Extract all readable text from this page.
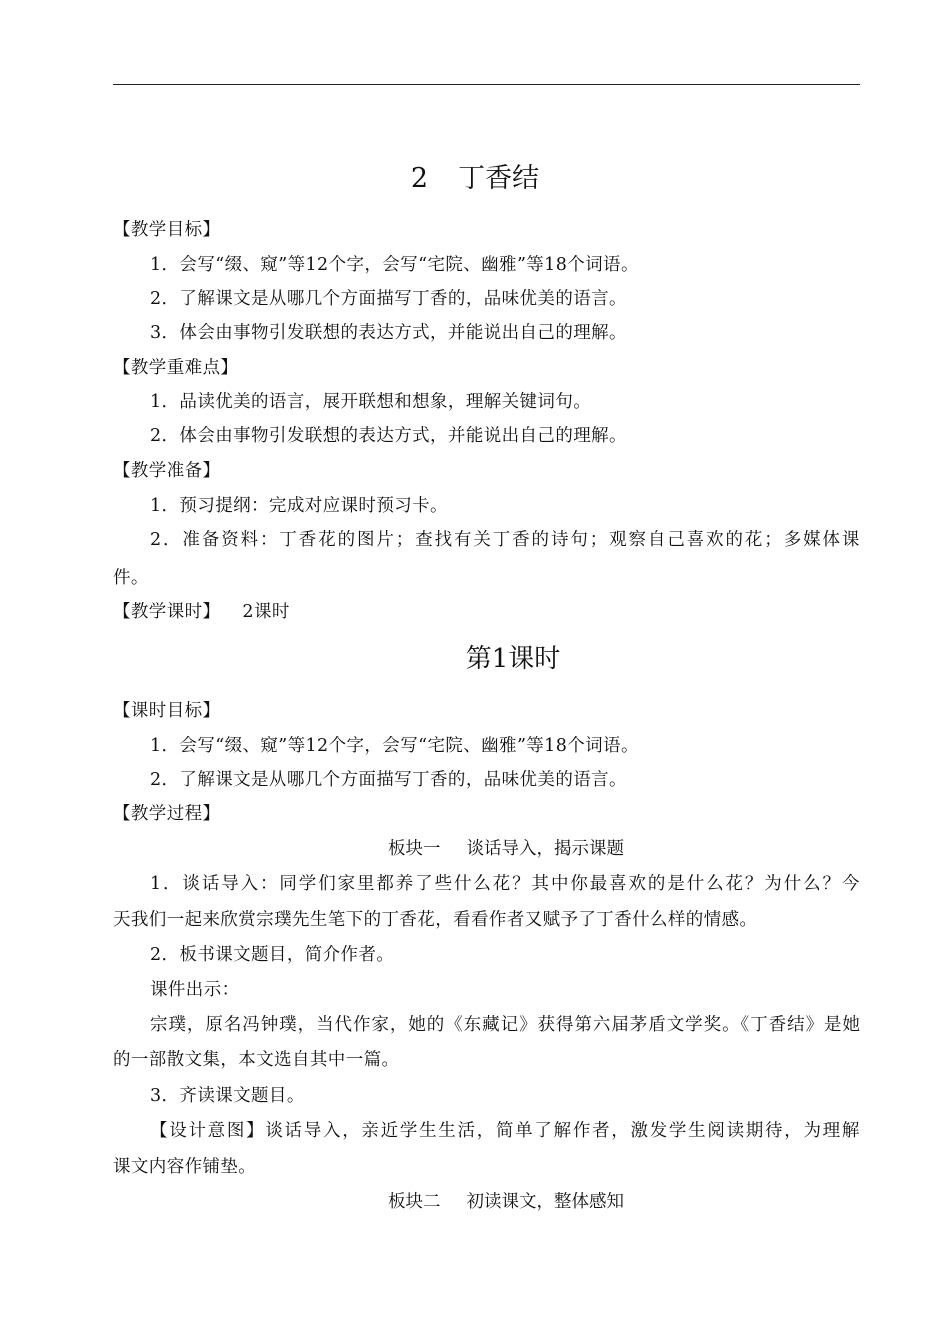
2 丁香结
【教学目标】
1．会写“缀、窥”等12个字，会写“宅院、幽雅”等18个词语。
2．了解课文是从哪几个方面描写丁香的，品味优美的语言。
3．体会由事物引发联想的表达方式，并能说出自己的理解。
【教学重难点】
1．品读优美的语言，展开联想和想象，理解关键词句。
2．体会由事物引发联想的表达方式，并能说出自己的理解。
【教学准备】
1．预习提纲：完成对应课时预习卡。
2．准备资料：丁香花的图片；查找有关丁香的诗句；观察自己喜欢的花；多媒体课
件。
【教学课时】 2课时
第1课时
【课时目标】
1．会写“缀、窥”等12个字，会写“宅院、幽雅”等18个词语。
2．了解课文是从哪几个方面描写丁香的，品味优美的语言。
【教学过程】
板块一 谈话导入，揭示课题
1．谈话导入：同学们家里都养了些什么花？其中你最喜欢的是什么花？为什么？今
天我们一起来欣赏宗璞先生笔下的丁香花，看看作者又赋予了丁香什么样的情感。
2．板书课文题目，简介作者。
课件出示：
宗璞，原名冯钟璞，当代作家，她的《东藏记》获得第六届茅盾文学奖。《丁香结》是她
的一部散文集，本文选自其中一篇。
3．齐读课文题目。
【设计意图】谈话导入，亲近学生生活，简单了解作者，激发学生阅读期待，为理解
课文内容作铺垫。
板块二 初读课文，整体感知
